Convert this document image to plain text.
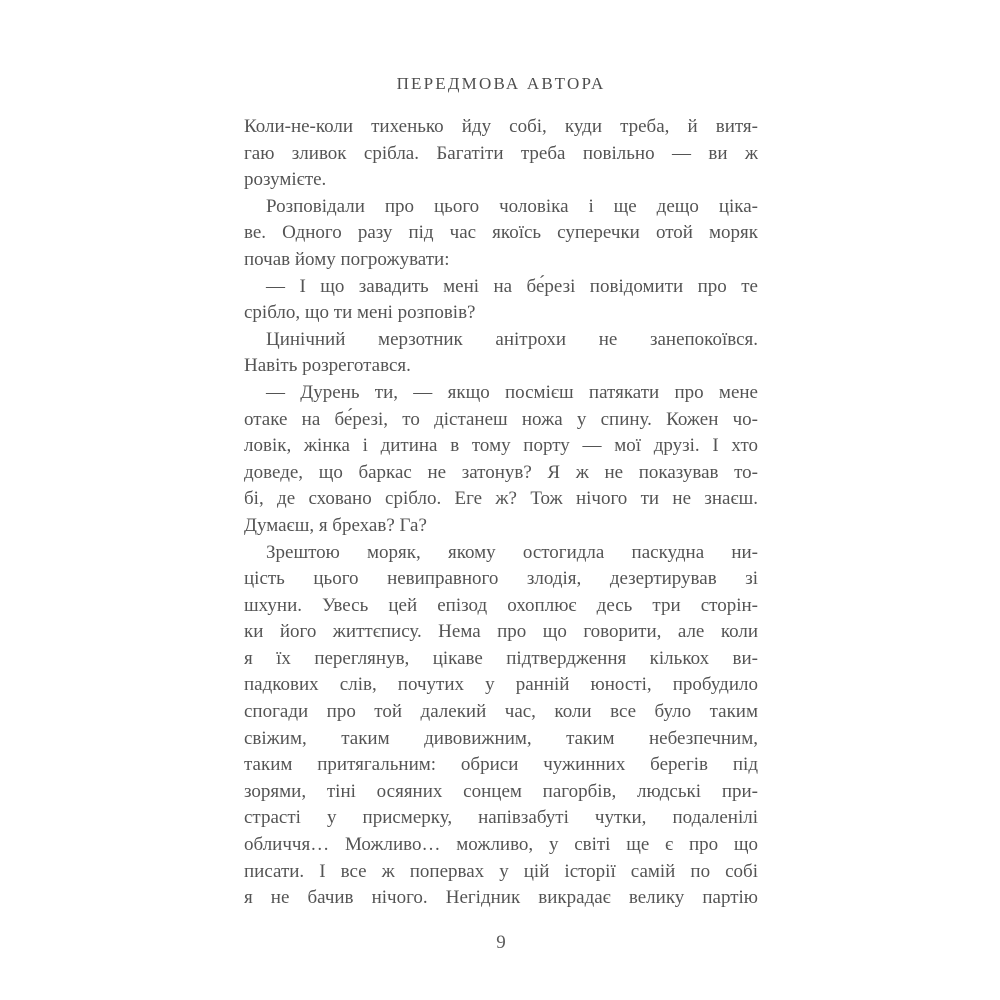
ПЕРЕДМОВА АВТОРА
Коли-не-коли тихенько йду собі, куди треба, й витя-
гаю зливок срібла. Багатіти треба повільно — ви ж
розумієте.
Розповідали про цього чоловіка і ще дещо ціка-
ве. Одного разу під час якоїсь суперечки отой моряк
почав йому погрожувати:
— І що завадить мені на бе́резі повідомити про те
срібло, що ти мені розповів?
Цинічний мерзотник анітрохи не занепокоївся.
Навіть розреготався.
— Дурень ти, — якщо посмієш патякати про мене
отаке на бе́резі, то дістанеш ножа у спину. Кожен чо-
ловік, жінка і дитина в тому порту — мої друзі. І хто
доведе, що баркас не затонув? Я ж не показував то-
бі, де сховано срібло. Еге ж? Тож нічого ти не знаєш.
Думаєш, я брехав? Га?
Зрештою моряк, якому остогидла паскудна ни-
цість цього невиправного злодія, дезертирував зі
шхуни. Увесь цей епізод охоплює десь три сторін-
ки його життєпису. Нема про що говорити, але коли
я їх переглянув, цікаве підтвердження кількох ви-
падкових слів, почутих у ранній юності, пробудило
спогади про той далекий час, коли все було таким
свіжим, таким дивовижним, таким небезпечним,
таким притягальним: обриси чужинних берегів під
зорями, тіні осяяних сонцем пагорбів, людські при-
страсті у присмерку, напівзабуті чутки, подаленілі
обличчя… Можливо… можливо, у світі ще є про що
писати. І все ж попервах у цій історії самій по собі
я не бачив нічого. Негідник викрадає велику партію
9
